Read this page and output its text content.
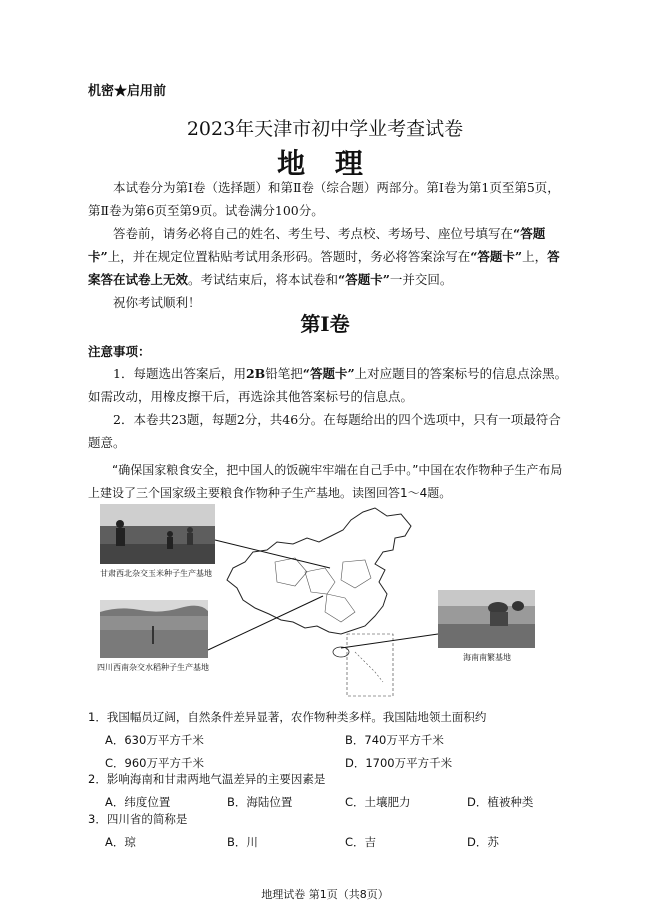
机密★启用前
2023年天津市初中学业考查试卷
地 理

本试卷分为第Ⅰ卷（选择题）和第Ⅱ卷（综合题）两部分。第Ⅰ卷为第1页至第5页，第Ⅱ卷为第6页至第9页。试卷满分100分。

答卷前，请务必将自己的姓名、考生号、考点校、考场号、座位号填写在“答题卡”上，并在规定位置粘贴考试用条形码。答题时，务必将答案涂写在“答题卡”上，答案答在试卷上无效。考试结束后，将本试卷和“答题卡”一并交回。

祝你考试顺利！

第Ⅰ卷
注意事项：

1．每题选出答案后，用2B铅笔把“答题卡”上对应题目的答案标号的信息点涂黑。如需改动，用橡皮擦干后，再选涂其他答案标号的信息点。

2．本卷共23题，每题2分，共46分。在每题给出的四个选项中，只有一项最符合题意。

“确保国家粮食安全，把中国人的饭碗牢牢端在自己手中。”中国在农作物种子生产布局上建设了三个国家级主要粮食作物种子生产基地。读图回答1～4题。

甘肃西北杂交玉米种子生产基地
四川西南杂交水稻种子生产基地
海南南繁基地
1．我国幅员辽阔，自然条件差异显著，农作物种类多样。我国陆地领土面积约
A．630万平方千米	B．740万平方千米
C．960万平方千米	D．1700万平方千米
2．影响海南和甘肃两地气温差异的主要因素是
A．纬度位置	B．海陆位置	C．土壤肥力	D．植被种类
3．四川省的简称是
A．琼	B．川	C．吉	D．苏
地理试卷 第1页（共8页）
